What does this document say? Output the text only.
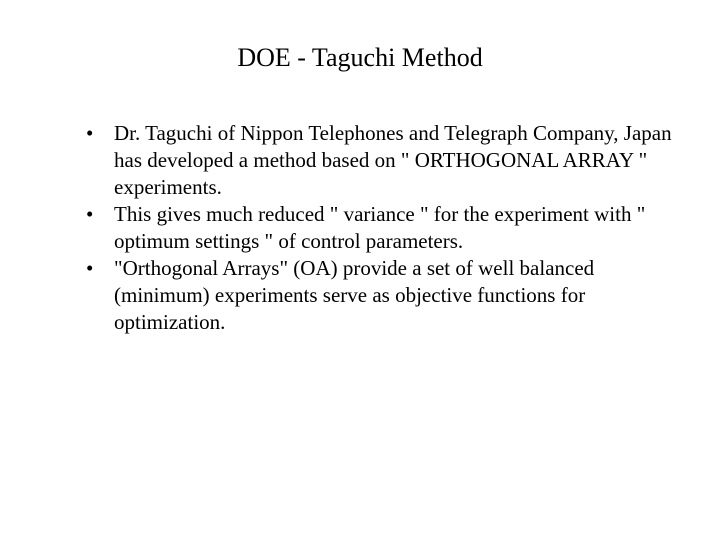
DOE - Taguchi Method
• Dr. Taguchi of Nippon Telephones and Telegraph Company, Japan has developed a method based on " ORTHOGONAL ARRAY " experiments.
• This gives much reduced " variance " for the experiment with " optimum settings " of control parameters.
• "Orthogonal Arrays" (OA) provide a set of well balanced (minimum) experiments serve as objective functions for optimization.
